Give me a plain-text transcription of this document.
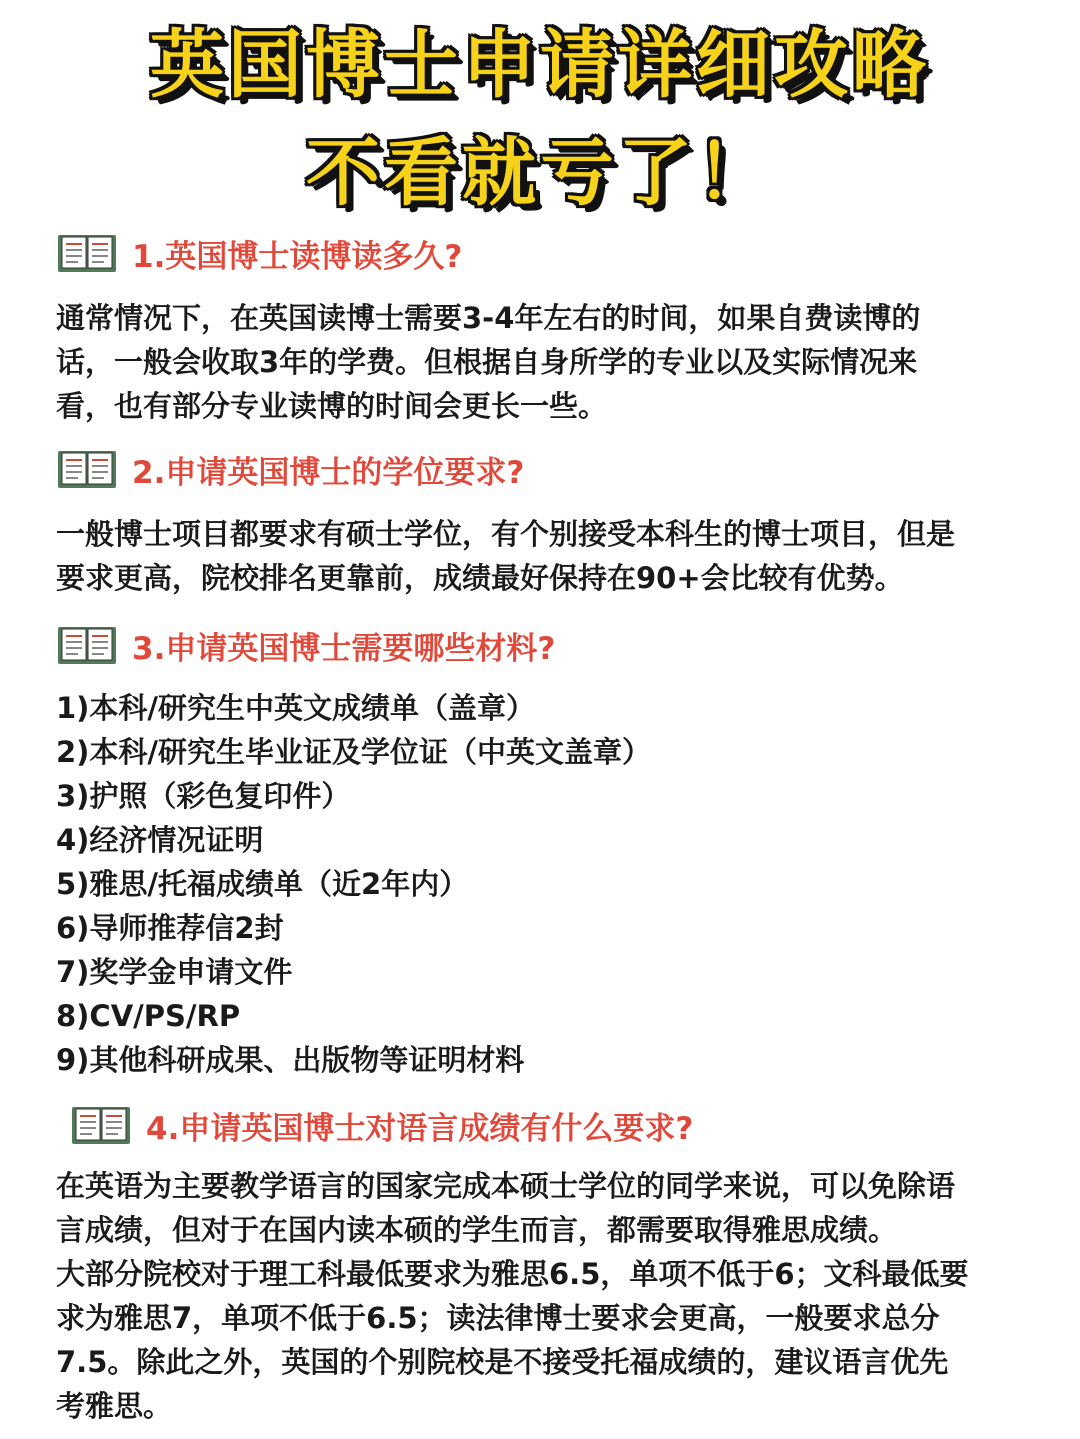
英国博士申请详细攻略
不看就亏了！
1.英国博士读博读多久?
通常情况下，在英国读博士需要3-4年左右的时间，如果自费读博的
话，一般会收取3年的学费。但根据自身所学的专业以及实际情况来
看，也有部分专业读博的时间会更长一些。
2.申请英国博士的学位要求?
一般博士项目都要求有硕士学位，有个别接受本科生的博士项目，但是
要求更高，院校排名更靠前，成绩最好保持在90+会比较有优势。
3.申请英国博士需要哪些材料?
1)本科/研究生中英文成绩单（盖章）
2)本科/研究生毕业证及学位证（中英文盖章）
3)护照（彩色复印件）
4)经济情况证明
5)雅思/托福成绩单（近2年内）
6)导师推荐信2封
7)奖学金申请文件
8)CV/PS/RP
9)其他科研成果、出版物等证明材料
4.申请英国博士对语言成绩有什么要求?
在英语为主要教学语言的国家完成本硕士学位的同学来说，可以免除语
言成绩，但对于在国内读本硕的学生而言，都需要取得雅思成绩。
大部分院校对于理工科最低要求为雅思6.5，单项不低于6；文科最低要
求为雅思7，单项不低于6.5；读法律博士要求会更高，一般要求总分
7.5。除此之外，英国的个别院校是不接受托福成绩的，建议语言优先
考雅思。
